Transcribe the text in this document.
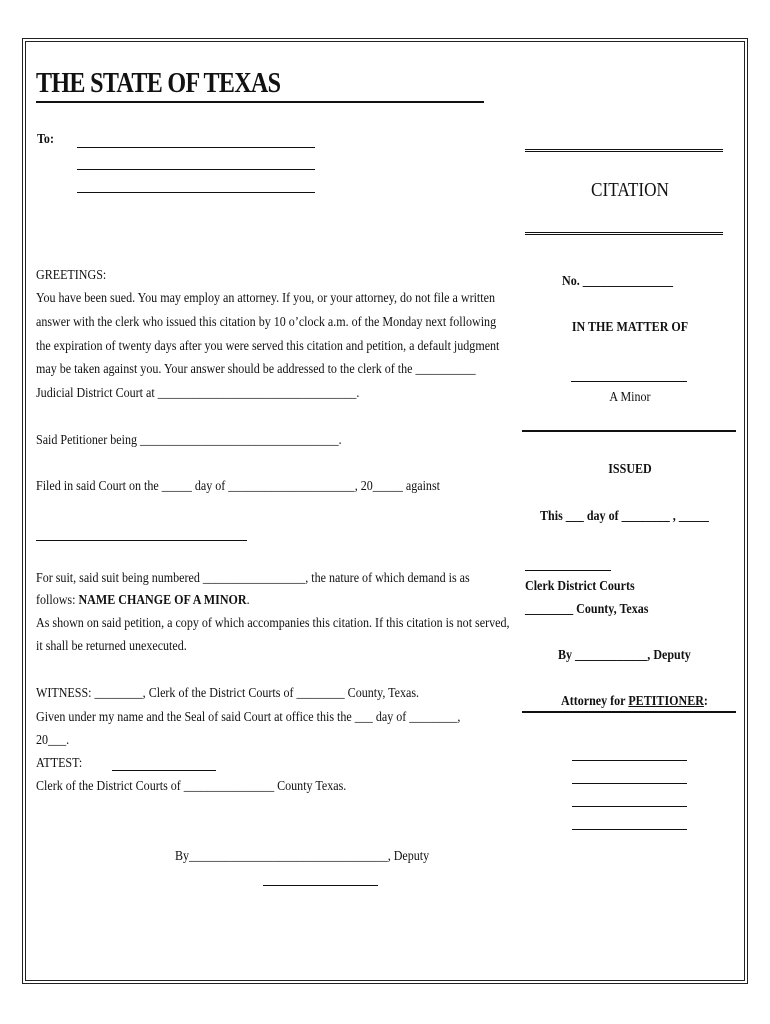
THE STATE OF TEXAS
To:
GREETINGS:
You have been sued. You may employ an attorney. If you, or your attorney, do not file a written
answer with the clerk who issued this citation by 10 o’clock a.m. of the Monday next following
the expiration of twenty days after you were served this citation and petition, a default judgment
may be taken against you. Your answer should be addressed to the clerk of the __________
Judicial District Court at _________________________________.
Said Petitioner being _________________________________.
Filed in said Court on the _____ day of _____________________, 20_____ against
For suit, said suit being numbered _________________, the nature of which demand is as
follows: NAME CHANGE OF A MINOR.
As shown on said petition, a copy of which accompanies this citation. If this citation is not served,
it shall be returned unexecuted.
WITNESS: ________, Clerk of the District Courts of ________ County, Texas.
Given under my name and the Seal of said Court at office this the ___ day of ________,
20___.
ATTEST:
Clerk of the District Courts of _______________ County Texas.
By_________________________________, Deputy
CITATION
No. _______________
IN THE MATTER OF
A Minor
ISSUED
This ___ day of ________ , _____
Clerk District Courts
________ County, Texas
By ____________, Deputy
Attorney for PETITIONER:
